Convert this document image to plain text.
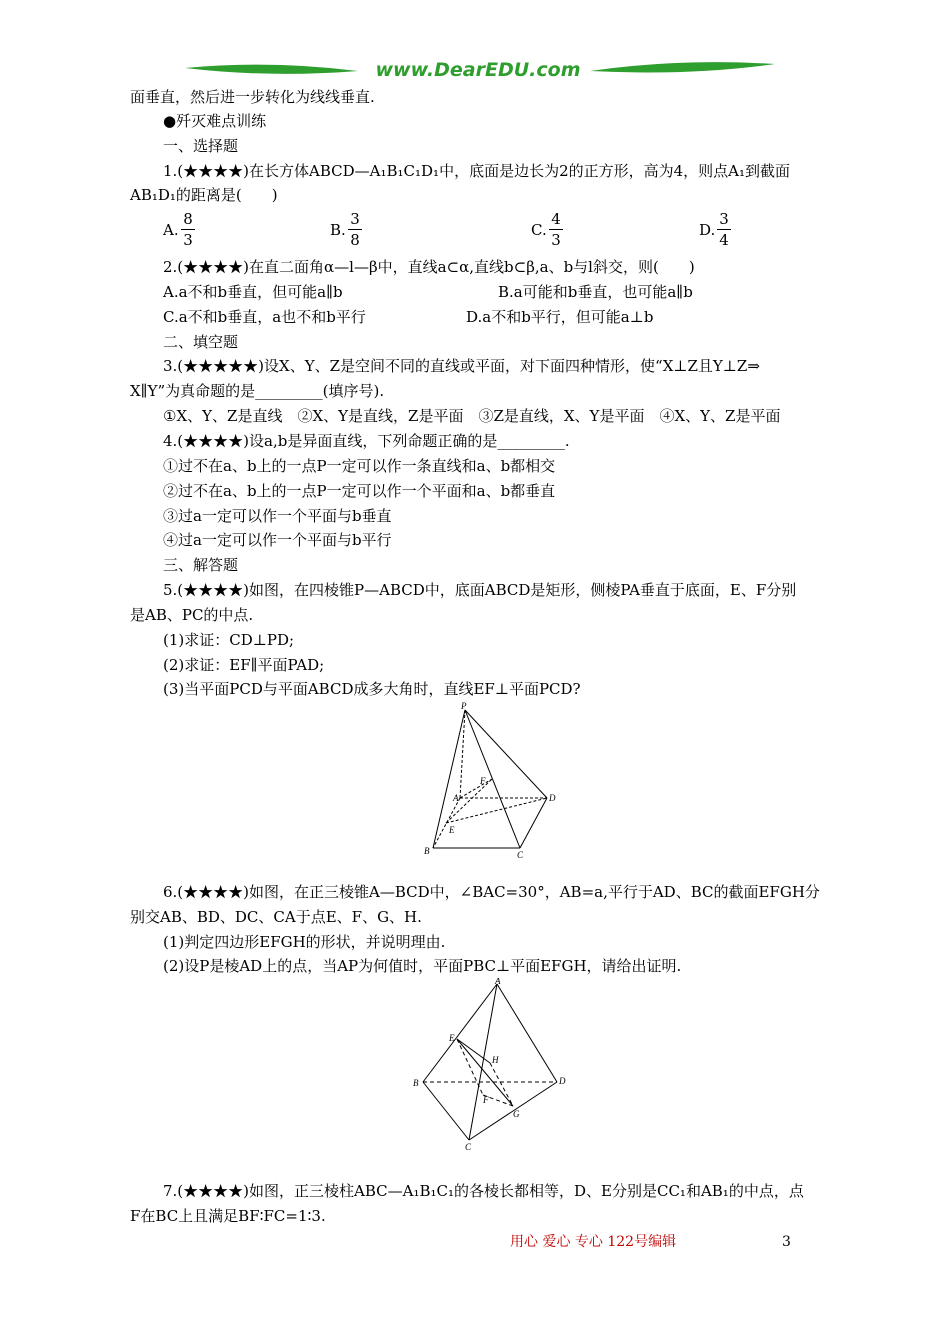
www.DearEDU.com
面垂直，然后进一步转化为线线垂直.
●歼灭难点训练
一、选择题
1.(★★★★)在长方体ABCD—A₁B₁C₁D₁中，底面是边长为2的正方形，高为4，则点A₁到截面
AB₁D₁的距离是(　　)
A.
8
3
B.
3
8
C.
4
3
D.
3
4
2.(★★★★)在直二面角α—l—β中，直线a⊂α,直线b⊂β,a、b与l斜交，则(　　)
A.a不和b垂直，但可能a∥b	B.a可能和b垂直，也可能a∥b
C.a不和b垂直，a也不和b平行	D.a不和b平行，但可能a⊥b
二、填空题
3.(★★★★★)设X、Y、Z是空间不同的直线或平面，对下面四种情形，使“X⊥Z且Y⊥Z⇒
X∥Y”为真命题的是_________(填序号).
①X、Y、Z是直线　②X、Y是直线，Z是平面　③Z是直线，X、Y是平面　④X、Y、Z是平面
4.(★★★★)设a,b是异面直线，下列命题正确的是_________.
①过不在a、b上的一点P一定可以作一条直线和a、b都相交
②过不在a、b上的一点P一定可以作一个平面和a、b都垂直
③过a一定可以作一个平面与b垂直
④过a一定可以作一个平面与b平行
三、解答题
5.(★★★★)如图，在四棱锥P—ABCD中，底面ABCD是矩形，侧棱PA垂直于底面，E、F分别
是AB、PC的中点.
(1)求证：CD⊥PD;
(2)求证：EF∥平面PAD;
(3)当平面PCD与平面ABCD成多大角时，直线EF⊥平面PCD?
P
A
B	C
D
E
F
6.(★★★★)如图，在正三棱锥A—BCD中，∠BAC=30°，AB=a,平行于AD、BC的截面EFGH分
别交AB、BD、DC、CA于点E、F、G、H.
(1)判定四边形EFGH的形状，并说明理由.
(2)设P是棱AD上的点，当AP为何值时，平面PBC⊥平面EFGH，请给出证明.
A
B
C
D
E
F
G
H
7.(★★★★)如图，正三棱柱ABC—A₁B₁C₁的各棱长都相等，D、E分别是CC₁和AB₁的中点，点
F在BC上且满足BF∶FC=1∶3.
用心 爱心 专心 122号编辑	3
